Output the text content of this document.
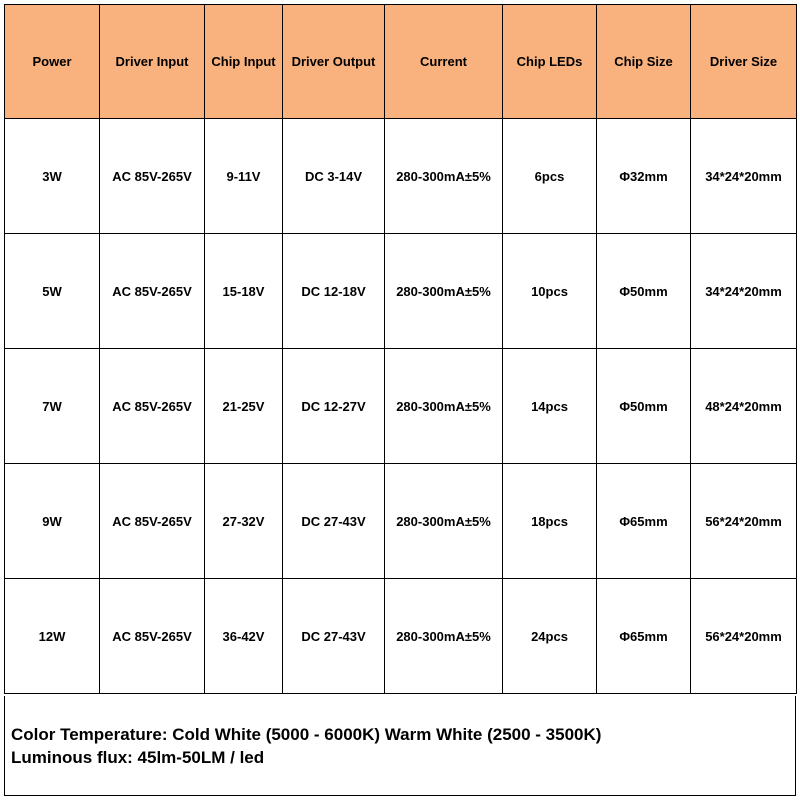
Power	Driver Input	Chip Input	Driver Output	Current	Chip LEDs	Chip Size	Driver Size
3W	AC 85V-265V	9-11V	DC 3-14V	280-300mA±5%	6pcs	Φ32mm	34*24*20mm
5W	AC 85V-265V	15-18V	DC 12-18V	280-300mA±5%	10pcs	Φ50mm	34*24*20mm
7W	AC 85V-265V	21-25V	DC 12-27V	280-300mA±5%	14pcs	Φ50mm	48*24*20mm
9W	AC 85V-265V	27-32V	DC 27-43V	280-300mA±5%	18pcs	Φ65mm	56*24*20mm
12W	AC 85V-265V	36-42V	DC 27-43V	280-300mA±5%	24pcs	Φ65mm	56*24*20mm
Color Temperature: Cold White (5000 - 6000K) Warm White (2500 - 3500K)
Luminous flux: 45lm-50LM / led
